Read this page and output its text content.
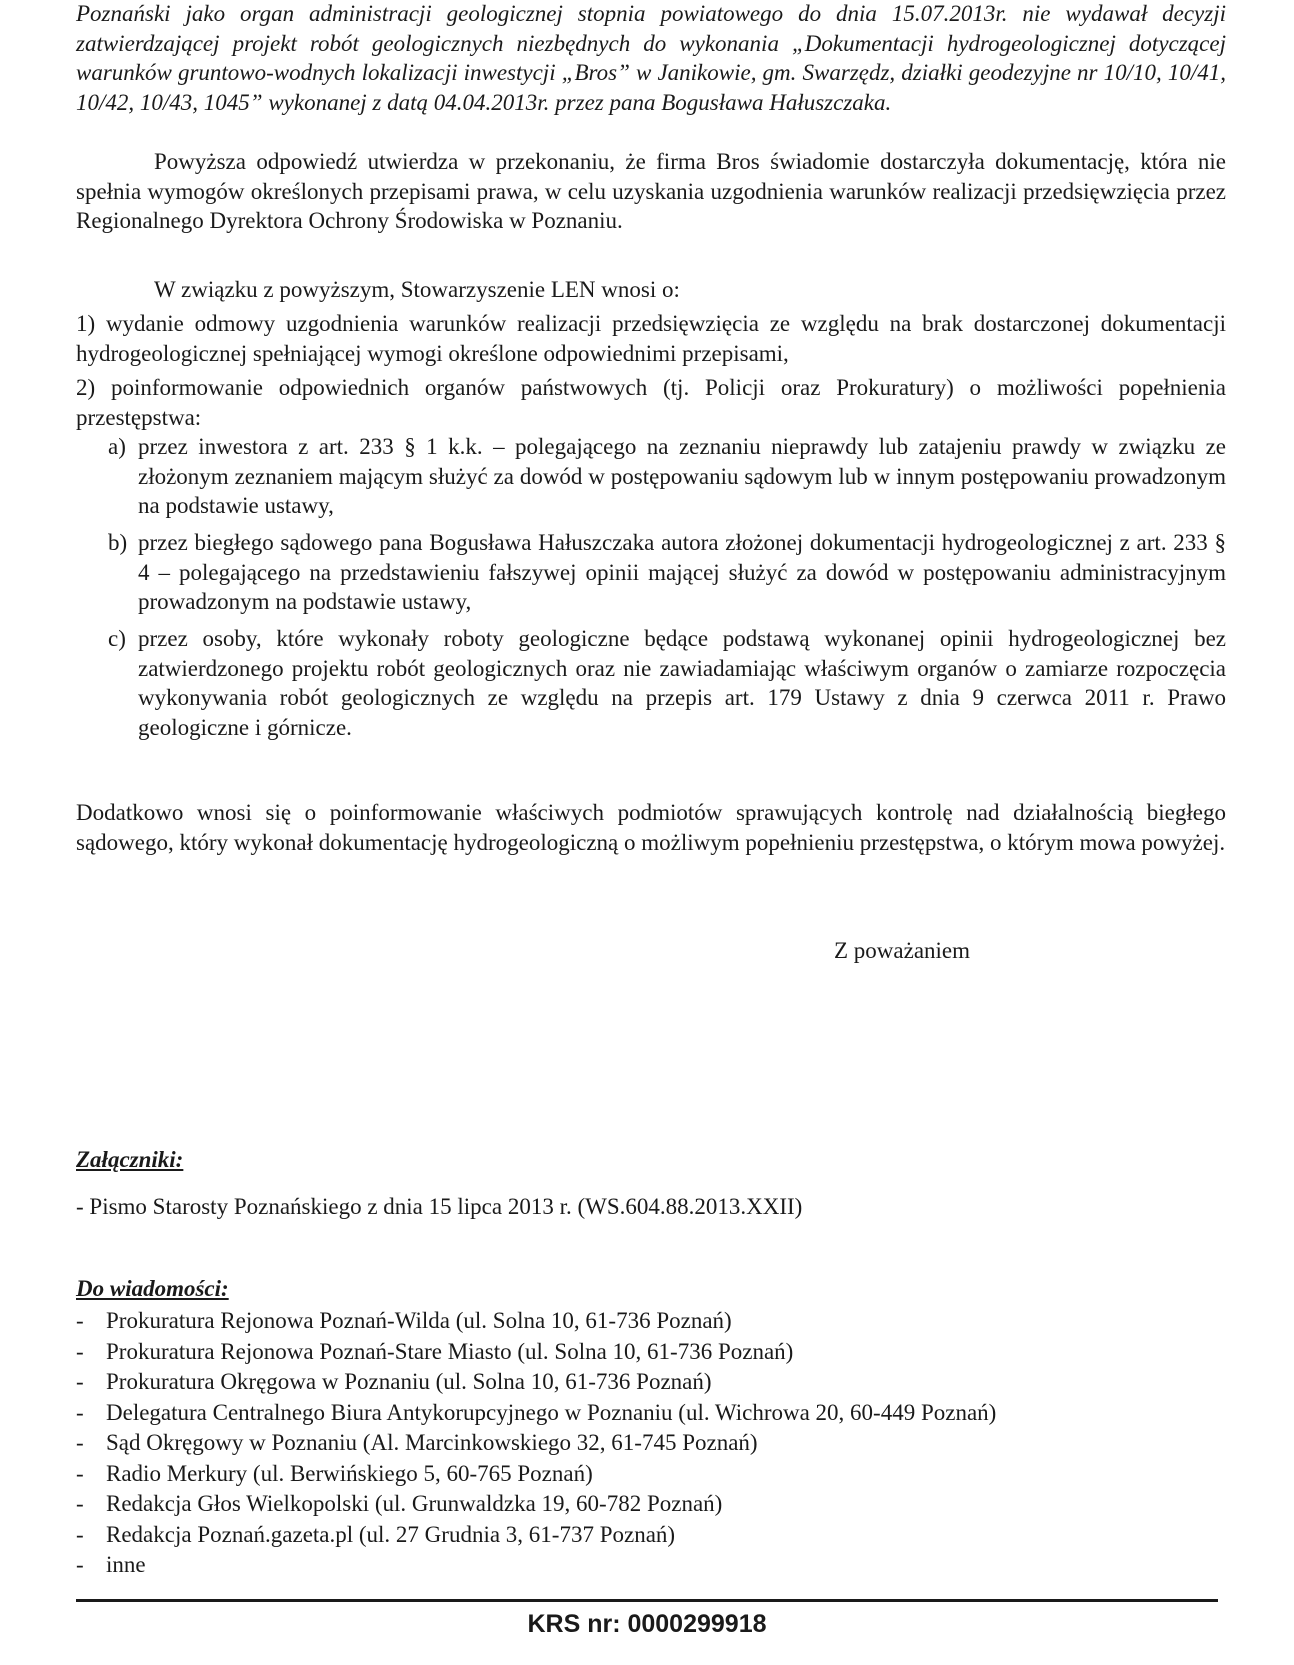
Poznański jako organ administracji geologicznej stopnia powiatowego do dnia 15.07.2013r. nie wydawał decyzji zatwierdzającej projekt robót geologicznych niezbędnych do wykonania „Dokumentacji hydrogeologicznej dotyczącej warunków gruntowo-wodnych lokalizacji inwestycji „Bros” w Janikowie, gm. Swarzędz, działki geodezyjne nr 10/10, 10/41, 10/42, 10/43, 1045” wykonanej z datą 04.04.2013r. przez pana Bogusława Hałuszczaka.
Powyższa odpowiedź utwierdza w przekonaniu, że firma Bros świadomie dostarczyła dokumentację, która nie spełnia wymogów określonych przepisami prawa, w celu uzyskania uzgodnienia warunków realizacji przedsięwzięcia przez Regionalnego Dyrektora Ochrony Środowiska w Poznaniu.
W związku z powyższym, Stowarzyszenie LEN wnosi o:
1) wydanie odmowy uzgodnienia warunków realizacji przedsięwzięcia ze względu na brak dostarczonej dokumentacji hydrogeologicznej spełniającej wymogi określone odpowiednimi przepisami,
2) poinformowanie odpowiednich organów państwowych (tj. Policji oraz Prokuratury) o możliwości popełnienia przestępstwa:
a) przez inwestora z art. 233 § 1 k.k. – polegającego na zeznaniu nieprawdy lub zatajeniu prawdy w związku ze złożonym zeznaniem mającym służyć za dowód w postępowaniu sądowym lub w innym postępowaniu prowadzonym na podstawie ustawy,
b) przez biegłego sądowego pana Bogusława Hałuszczaka autora złożonej dokumentacji hydrogeologicznej z art. 233 § 4 – polegającego na przedstawieniu fałszywej opinii mającej służyć za dowód w postępowaniu administracyjnym prowadzonym na podstawie ustawy,
c) przez osoby, które wykonały roboty geologiczne będące podstawą wykonanej opinii hydrogeologicznej bez zatwierdzonego projektu robót geologicznych oraz nie zawiadamiając właściwym organów o zamiarze rozpoczęcia wykonywania robót geologicznych ze względu na przepis art. 179 Ustawy z dnia 9 czerwca 2011 r. Prawo geologiczne i górnicze.
Dodatkowo wnosi się o poinformowanie właściwych podmiotów sprawujących kontrolę nad działalnością biegłego sądowego, który wykonał dokumentację hydrogeologiczną o możliwym popełnieniu przestępstwa, o którym mowa powyżej.
Z poważaniem
Załączniki:
- Pismo Starosty Poznańskiego z dnia 15 lipca 2013 r. (WS.604.88.2013.XXII)
Do wiadomości:
- Prokuratura Rejonowa Poznań-Wilda (ul. Solna 10, 61-736 Poznań)
- Prokuratura Rejonowa Poznań-Stare Miasto (ul. Solna 10, 61-736 Poznań)
- Prokuratura Okręgowa w Poznaniu (ul. Solna 10, 61-736 Poznań)
- Delegatura Centralnego Biura Antykorupcyjnego w Poznaniu (ul. Wichrowa 20, 60-449 Poznań)
- Sąd Okręgowy w Poznaniu (Al. Marcinkowskiego 32, 61-745 Poznań)
- Radio Merkury (ul. Berwińskiego 5, 60-765 Poznań)
- Redakcja Głos Wielkopolski (ul. Grunwaldzka 19, 60-782 Poznań)
- Redakcja Poznań.gazeta.pl (ul. 27 Grudnia 3, 61-737 Poznań)
- inne
KRS nr: 0000299918
